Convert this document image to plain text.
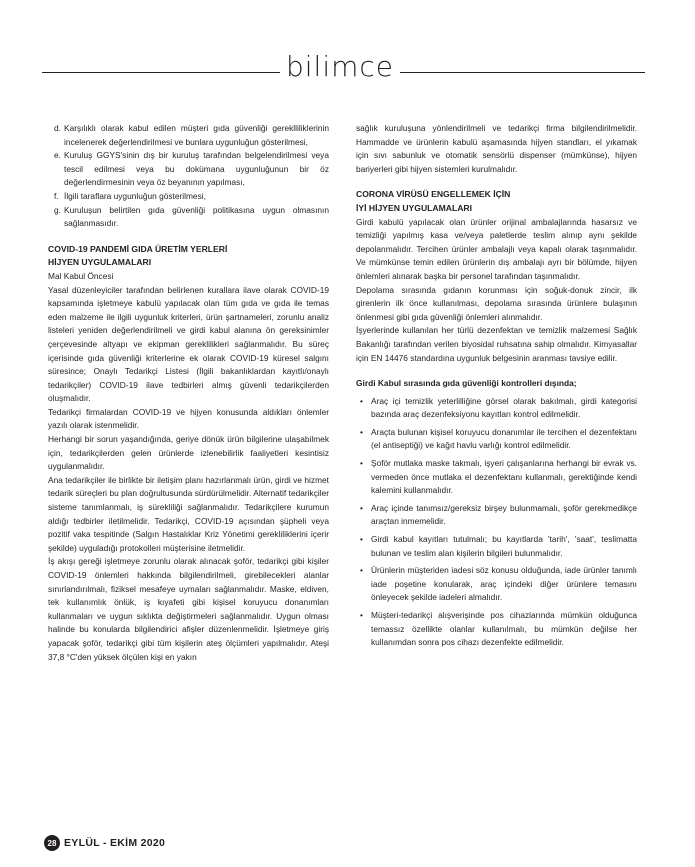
bilimce
d. Karşılıklı olarak kabul edilen müşteri gıda güvenliği gereklliliklerinin incelenerek değerlendirilmesi ve bunlara uygunluğun gösterilmesi,
e. Kuruluş GGYS'sinin dış bir kuruluş tarafından belgelendirilmesi veya tescil edilmesi veya bu dokümana uygunluğunun bir öz değerlendirmesinin veya öz beyanının yapılması,
f. İlgili taraflara uygunluğun gösterilmesi,
g. Kuruluşun belirtilen gıda güvenliği politikasına uygun olmasının sağlanmasıdır.
COVID-19 PANDEMİ GIDA ÜRETİM YERLERİ
HİJYEN UYGULAMALARI

Mal Kabul Öncesi

Yasal düzenleyiciler tarafından belirlenen kurallara ilave olarak COVID-19 kapsamında işletmeye kabulü yapılacak olan tüm gıda ve gıda ile temas eden malzeme ile ilgili uygunluk kriterleri, ürün şartnameleri, zorunlu analiz listeleri yeniden değerlendirilmeli ve girdi kabul alanına ön gereksinimler çerçevesinde altyapı ve ekipman gereklilikleri sağlanmalıdır. Bu süreç içerisinde gıda güvenliği kriterlerine ek olarak COVID-19 küresel salgını süresince; Onaylı Tedarikçi Listesi (İlgili bakanlıklardan kayıtlı/onaylı tedarikçiler) COVID-19 ilave tedbirleri almış güvenli tedarikçilerden oluşmalıdır.

Tedarikçi firmalardan COVID-19 ve hijyen konusunda aldıkları önlemler yazılı olarak istenmelidir.

Herhangi bir sorun yaşandığında, geriye dönük ürün bilgilerine ulaşabilmek için, tedarikçilerden gelen ürünlerde izlenebilirlik faaliyetleri kesintisiz uygulanmalıdır.

Ana tedarikçiler ile birlikte bir iletişim planı hazırlanmalı ürün, girdi ve hizmet tedarik süreçleri bu plan doğrultusunda sürdürülmelidir. Alternatif tedarikçiler sisteme tanımlanmalı, iş sürekliliği sağlanmalıdır. Tedarikçilere kurumun aldığı tedbirler iletilmelidir. Tedarikçi, COVID-19 açısından şüpheli veya pozitif vaka tespitinde (Salgın Hastalıklar Kriz Yönetimi gerekliliklerini içerir şekilde) uyguladığı protokolleri müşterisine iletmelidir.

İş akışı gereği işletmeye zorunlu olarak alınacak şoför, tedarikçi gibi kişiler COVID-19 önlemleri hakkında bilgilendirilmeli, girebilecekleri alanlar sınırlandırılmalı, fiziksel mesafeye uymaları sağlanmalıdır. Maske, eldiven, tek kullanımlık önlük, iş kıyafeti gibi kişisel koruyucu donanımları kullanmaları ve uygun sıklıkta değiştirmeleri sağlanmalıdır. Uygun olması halinde bu konularda bilgilendirici afişler düzenlenmelidir. İşletmeye giriş yapacak şoför, tedarikçi gibi tüm kişilerin ateş ölçümleri yapılmalıdır. Ateşi 37,8 °C'den yüksek ölçülen kişi en yakın

sağlık kuruluşuna yönlendirilmeli ve tedarikçi firma bilgilendirilmelidir. Hammadde ve ürünlerin kabulü aşamasında hijyen standları, el yıkamak için sıvı sabunluk ve otomatik sensörlü dispenser (mümkünse), hijyen bariyerleri gibi hijyen sistemleri kurulmalıdır.

CORONA VİRÜSÜ ENGELLEMEK İÇİN
İYİ HİJYEN UYGULAMALARI

Girdi kabulü yapılacak olan ürünler orijinal ambalajlarında hasarsız ve temizliği yapılmış kasa ve/veya paletlerde teslim alınıp aynı şekilde depolanmalıdır. Tercihen ürünler ambalajlı veya kapalı olarak taşınmalıdır. Ve mümkünse temin edilen ürünlerin dış ambalajı ayrı bir bölümde, hijyen önlemleri alınarak başka bir personel tarafından taşınmalıdır.

Depolama sırasında gıdanın korunması için soğuk-donuk zincir, ilk girenlerin ilk önce kullanılması, depolama sırasında ürünlere bulaşının önlenmesi gibi gıda güvenliği önlemleri alınmalıdır.

İşyerlerinde kullanılan her türlü dezenfektan ve temizlik malzemesi Sağlık Bakanlığı tarafından verilen biyosidal ruhsatına sahip olmalıdır. Kimyasallar için EN 14476 standardına uygunluk belgesinin aranması tavsiye edilir.

Girdi Kabul sırasında gıda güvenliği kontrolleri dışında;

• Araç içi temizlik yeterlilliğine görsel olarak bakılmalı, girdi kategorisi bazında araç dezenfeksiyonu kayıtları kontrol edilmelidir.
• Araçta bulunan kişisel koruyucu donanımlar ile tercihen el dezenfektanı (el antiseptiği) ve kağıt havlu varlığı kontrol edilmelidir.
• Şoför mutlaka maske takmalı, işyeri çalışanlarına herhangi bir evrak vs. vermeden önce mutlaka el dezenfektanı kullanmalı, gerektiğinde kendi kalemini kullanmalıdır.
• Araç içinde tanımsız/gereksiz birşey bulunmamalı, şoför gerekmedikçe araçtan inmemelidir.
• Girdi kabul kayıtları tutulmalı; bu kayıtlarda 'tarih', 'saat', teslimatta bulunan ve teslim alan kişilerin bilgileri bulunmalıdır.
• Ürünlerin müşteriden iadesi söz konusu olduğunda, iade ürünler tanımlı iade poşetine konularak, araç içindeki diğer ürünlere temasını önleyecek şekilde iadeleri almalıdır.
• Müşteri-tedarikçi alışverişinde pos cihazlarında mümkün olduğunca temassız özellikte olanlar kullanılmalı, bu mümkün değilse her kullanımdan sonra pos cihazı dezenfekte edilmelidir.
28 EYLÜL - EKİM 2020
